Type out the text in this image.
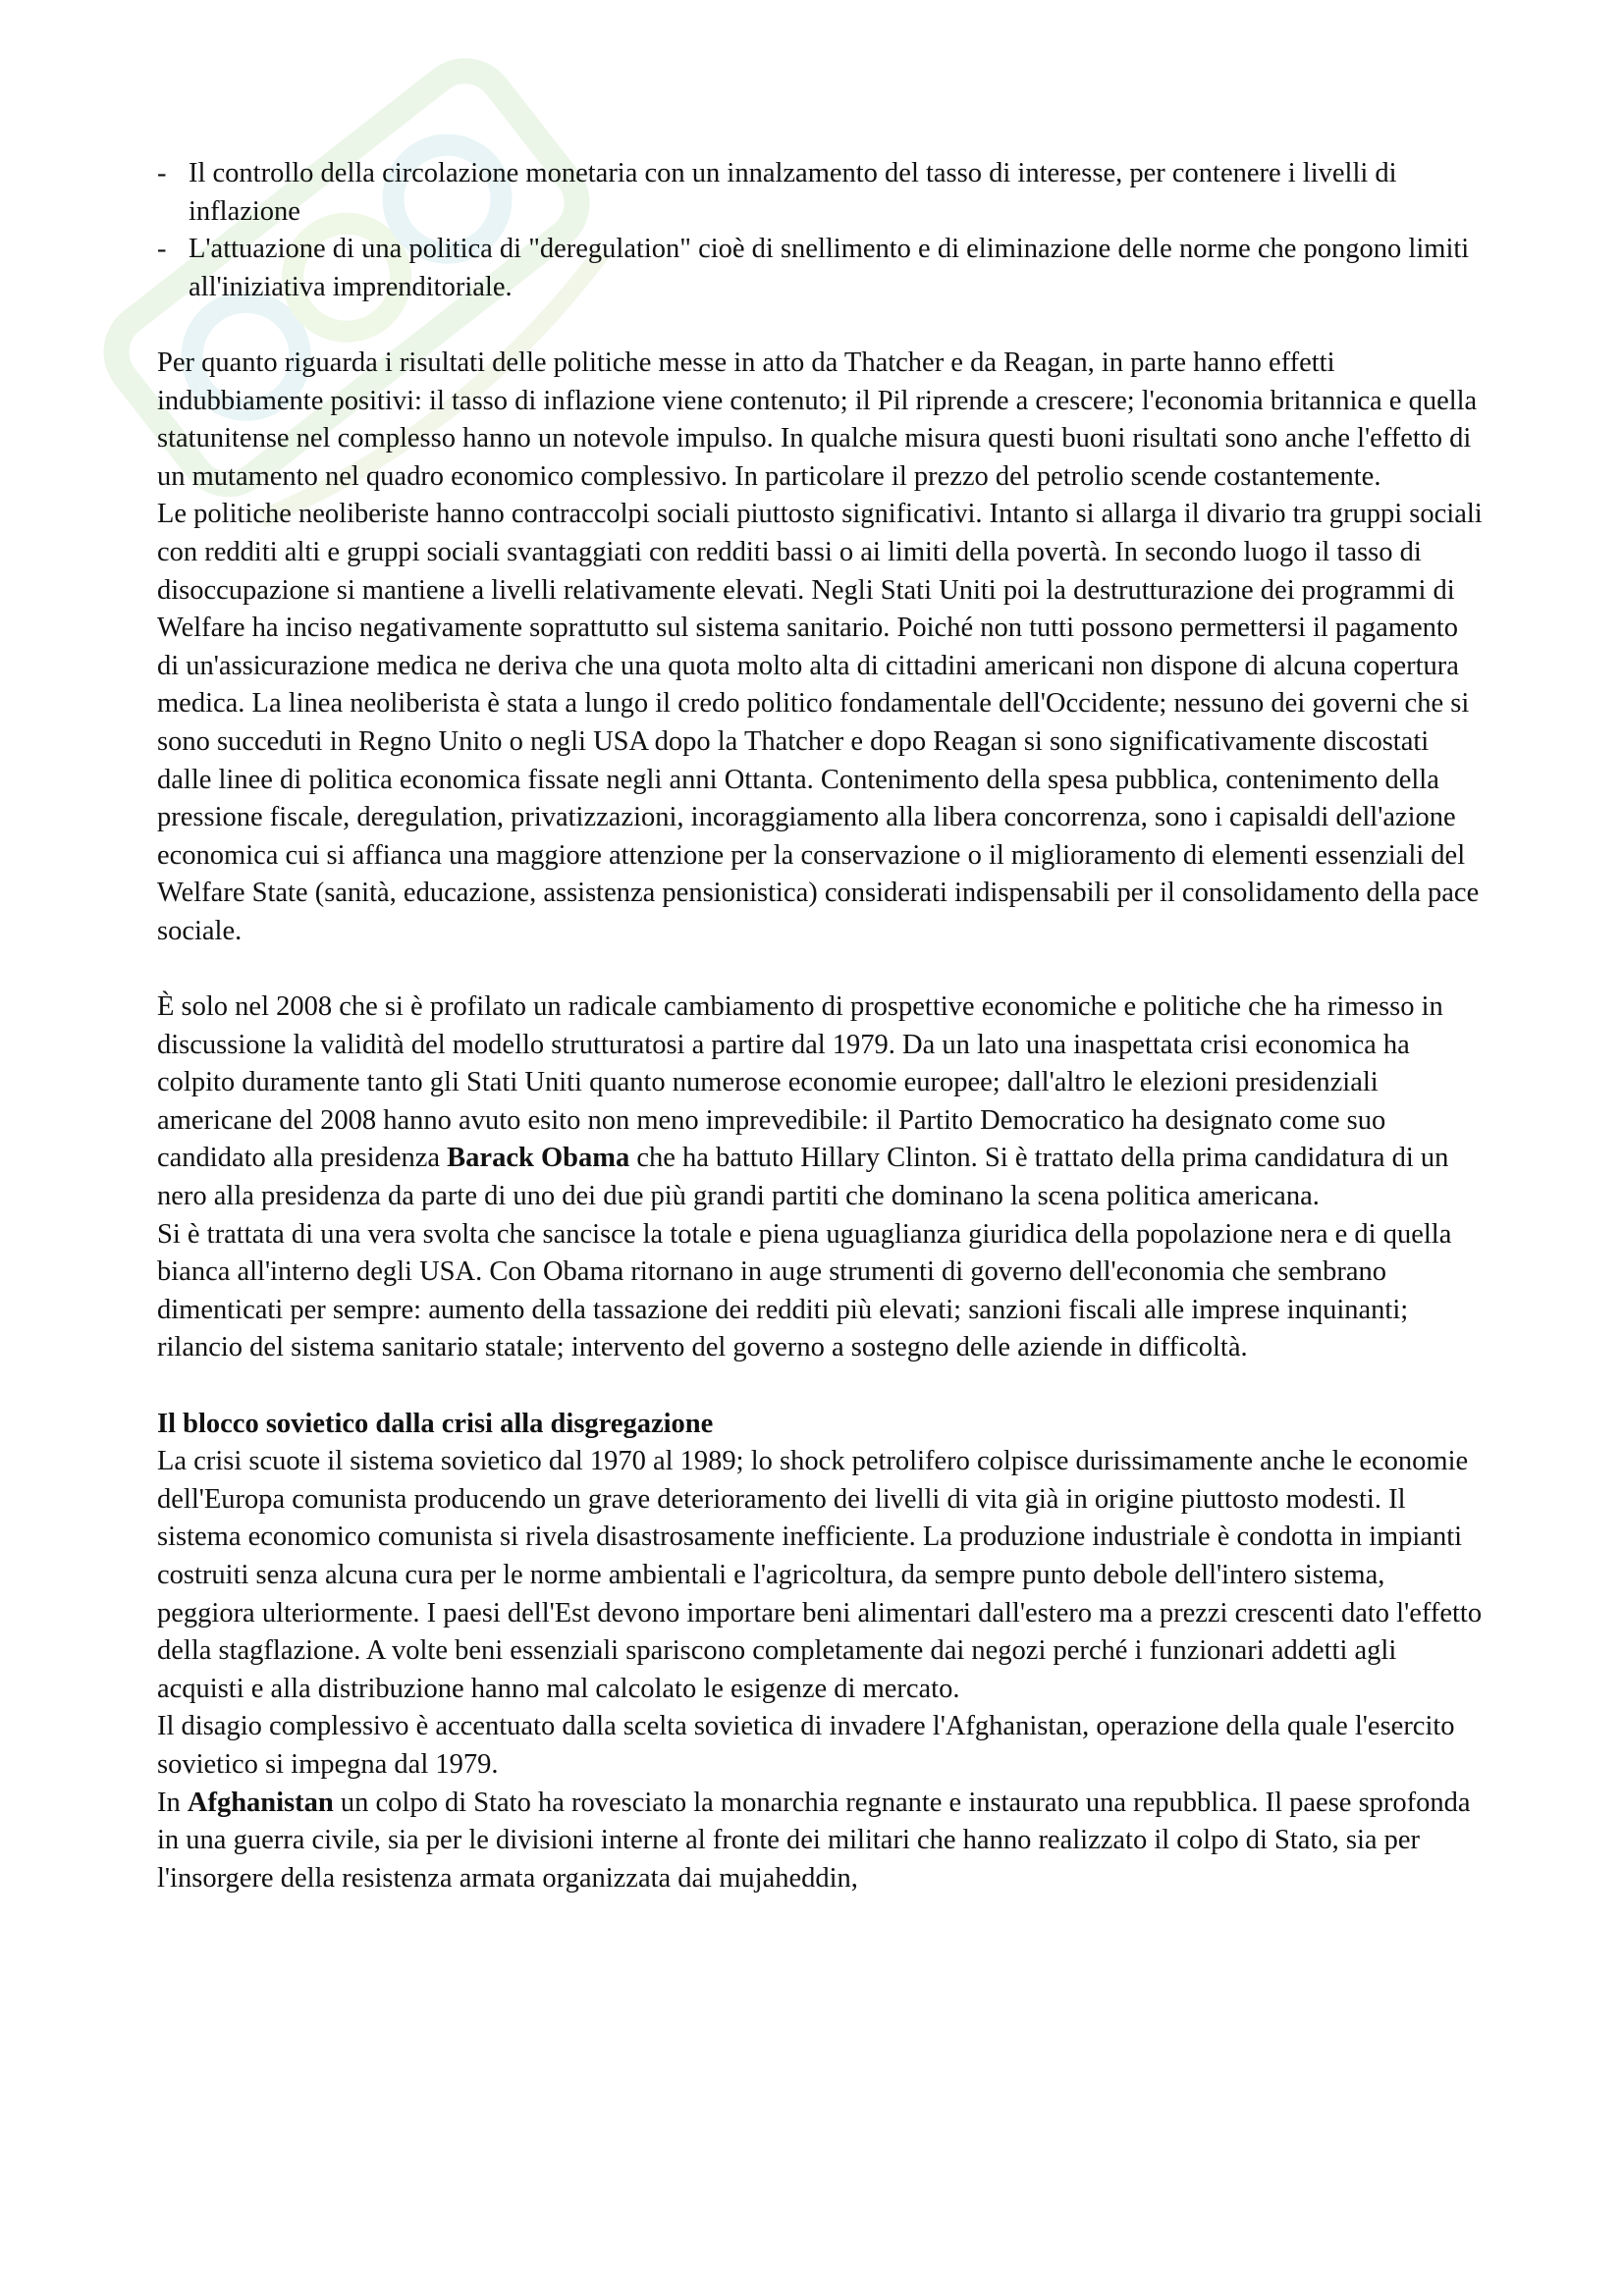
- Il controllo della circolazione monetaria con un innalzamento del tasso di interesse, per contenere i livelli di inflazione
- L'attuazione di una politica di "deregulation" cioè di snellimento e di eliminazione delle norme che pongono limiti all'iniziativa imprenditoriale.

Per quanto riguarda i risultati delle politiche messe in atto da Thatcher e da Reagan, in parte hanno effetti indubbiamente positivi: il tasso di inflazione viene contenuto; il Pil riprende a crescere; l'economia britannica e quella statunitense nel complesso hanno un notevole impulso. In qualche misura questi buoni risultati sono anche l'effetto di un mutamento nel quadro economico complessivo. In particolare il prezzo del petrolio scende costantemente.

Le politiche neoliberiste hanno contraccolpi sociali piuttosto significativi. Intanto si allarga il divario tra gruppi sociali con redditi alti e gruppi sociali svantaggiati con redditi bassi o ai limiti della povertà. In secondo luogo il tasso di disoccupazione si mantiene a livelli relativamente elevati. Negli Stati Uniti poi la destrutturazione dei programmi di Welfare ha inciso negativamente soprattutto sul sistema sanitario. Poiché non tutti possono permettersi il pagamento di un'assicurazione medica ne deriva che una quota molto alta di cittadini americani non dispone di alcuna copertura medica. La linea neoliberista è stata a lungo il credo politico fondamentale dell'Occidente; nessuno dei governi che si sono succeduti in Regno Unito o negli USA dopo la Thatcher e dopo Reagan si sono significativamente discostati dalle linee di politica economica fissate negli anni Ottanta. Contenimento della spesa pubblica, contenimento della pressione fiscale, deregulation, privatizzazioni, incoraggiamento alla libera concorrenza, sono i capisaldi dell'azione economica cui si affianca una maggiore attenzione per la conservazione o il miglioramento di elementi essenziali del Welfare State (sanità, educazione, assistenza pensionistica) considerati indispensabili per il consolidamento della pace sociale.

È solo nel 2008 che si è profilato un radicale cambiamento di prospettive economiche e politiche che ha rimesso in discussione la validità del modello strutturatosi a partire dal 1979. Da un lato una inaspettata crisi economica ha colpito duramente tanto gli Stati Uniti quanto numerose economie europee; dall'altro le elezioni presidenziali americane del 2008 hanno avuto esito non meno imprevedibile: il Partito Democratico ha designato come suo candidato alla presidenza Barack Obama che ha battuto Hillary Clinton. Si è trattato della prima candidatura di un nero alla presidenza da parte di uno dei due più grandi partiti che dominano la scena politica americana.

Si è trattata di una vera svolta che sancisce la totale e piena uguaglianza giuridica della popolazione nera e di quella bianca all'interno degli USA. Con Obama ritornano in auge strumenti di governo dell'economia che sembrano dimenticati per sempre: aumento della tassazione dei redditi più elevati; sanzioni fiscali alle imprese inquinanti; rilancio del sistema sanitario statale; intervento del governo a sostegno delle aziende in difficoltà.

Il blocco sovietico dalla crisi alla disgregazione

La crisi scuote il sistema sovietico dal 1970 al 1989; lo shock petrolifero colpisce durissimamente anche le economie dell'Europa comunista producendo un grave deterioramento dei livelli di vita già in origine piuttosto modesti. Il sistema economico comunista si rivela disastrosamente inefficiente. La produzione industriale è condotta in impianti costruiti senza alcuna cura per le norme ambientali e l'agricoltura, da sempre punto debole dell'intero sistema, peggiora ulteriormente. I paesi dell'Est devono importare beni alimentari dall'estero ma a prezzi crescenti dato l'effetto della stagflazione. A volte beni essenziali spariscono completamente dai negozi perché i funzionari addetti agli acquisti e alla distribuzione hanno mal calcolato le esigenze di mercato.

Il disagio complessivo è accentuato dalla scelta sovietica di invadere l'Afghanistan, operazione della quale l'esercito sovietico si impegna dal 1979.

In Afghanistan un colpo di Stato ha rovesciato la monarchia regnante e instaurato una repubblica. Il paese sprofonda in una guerra civile, sia per le divisioni interne al fronte dei militari che hanno realizzato il colpo di Stato, sia per l'insorgere della resistenza armata organizzata dai mujaheddin,
